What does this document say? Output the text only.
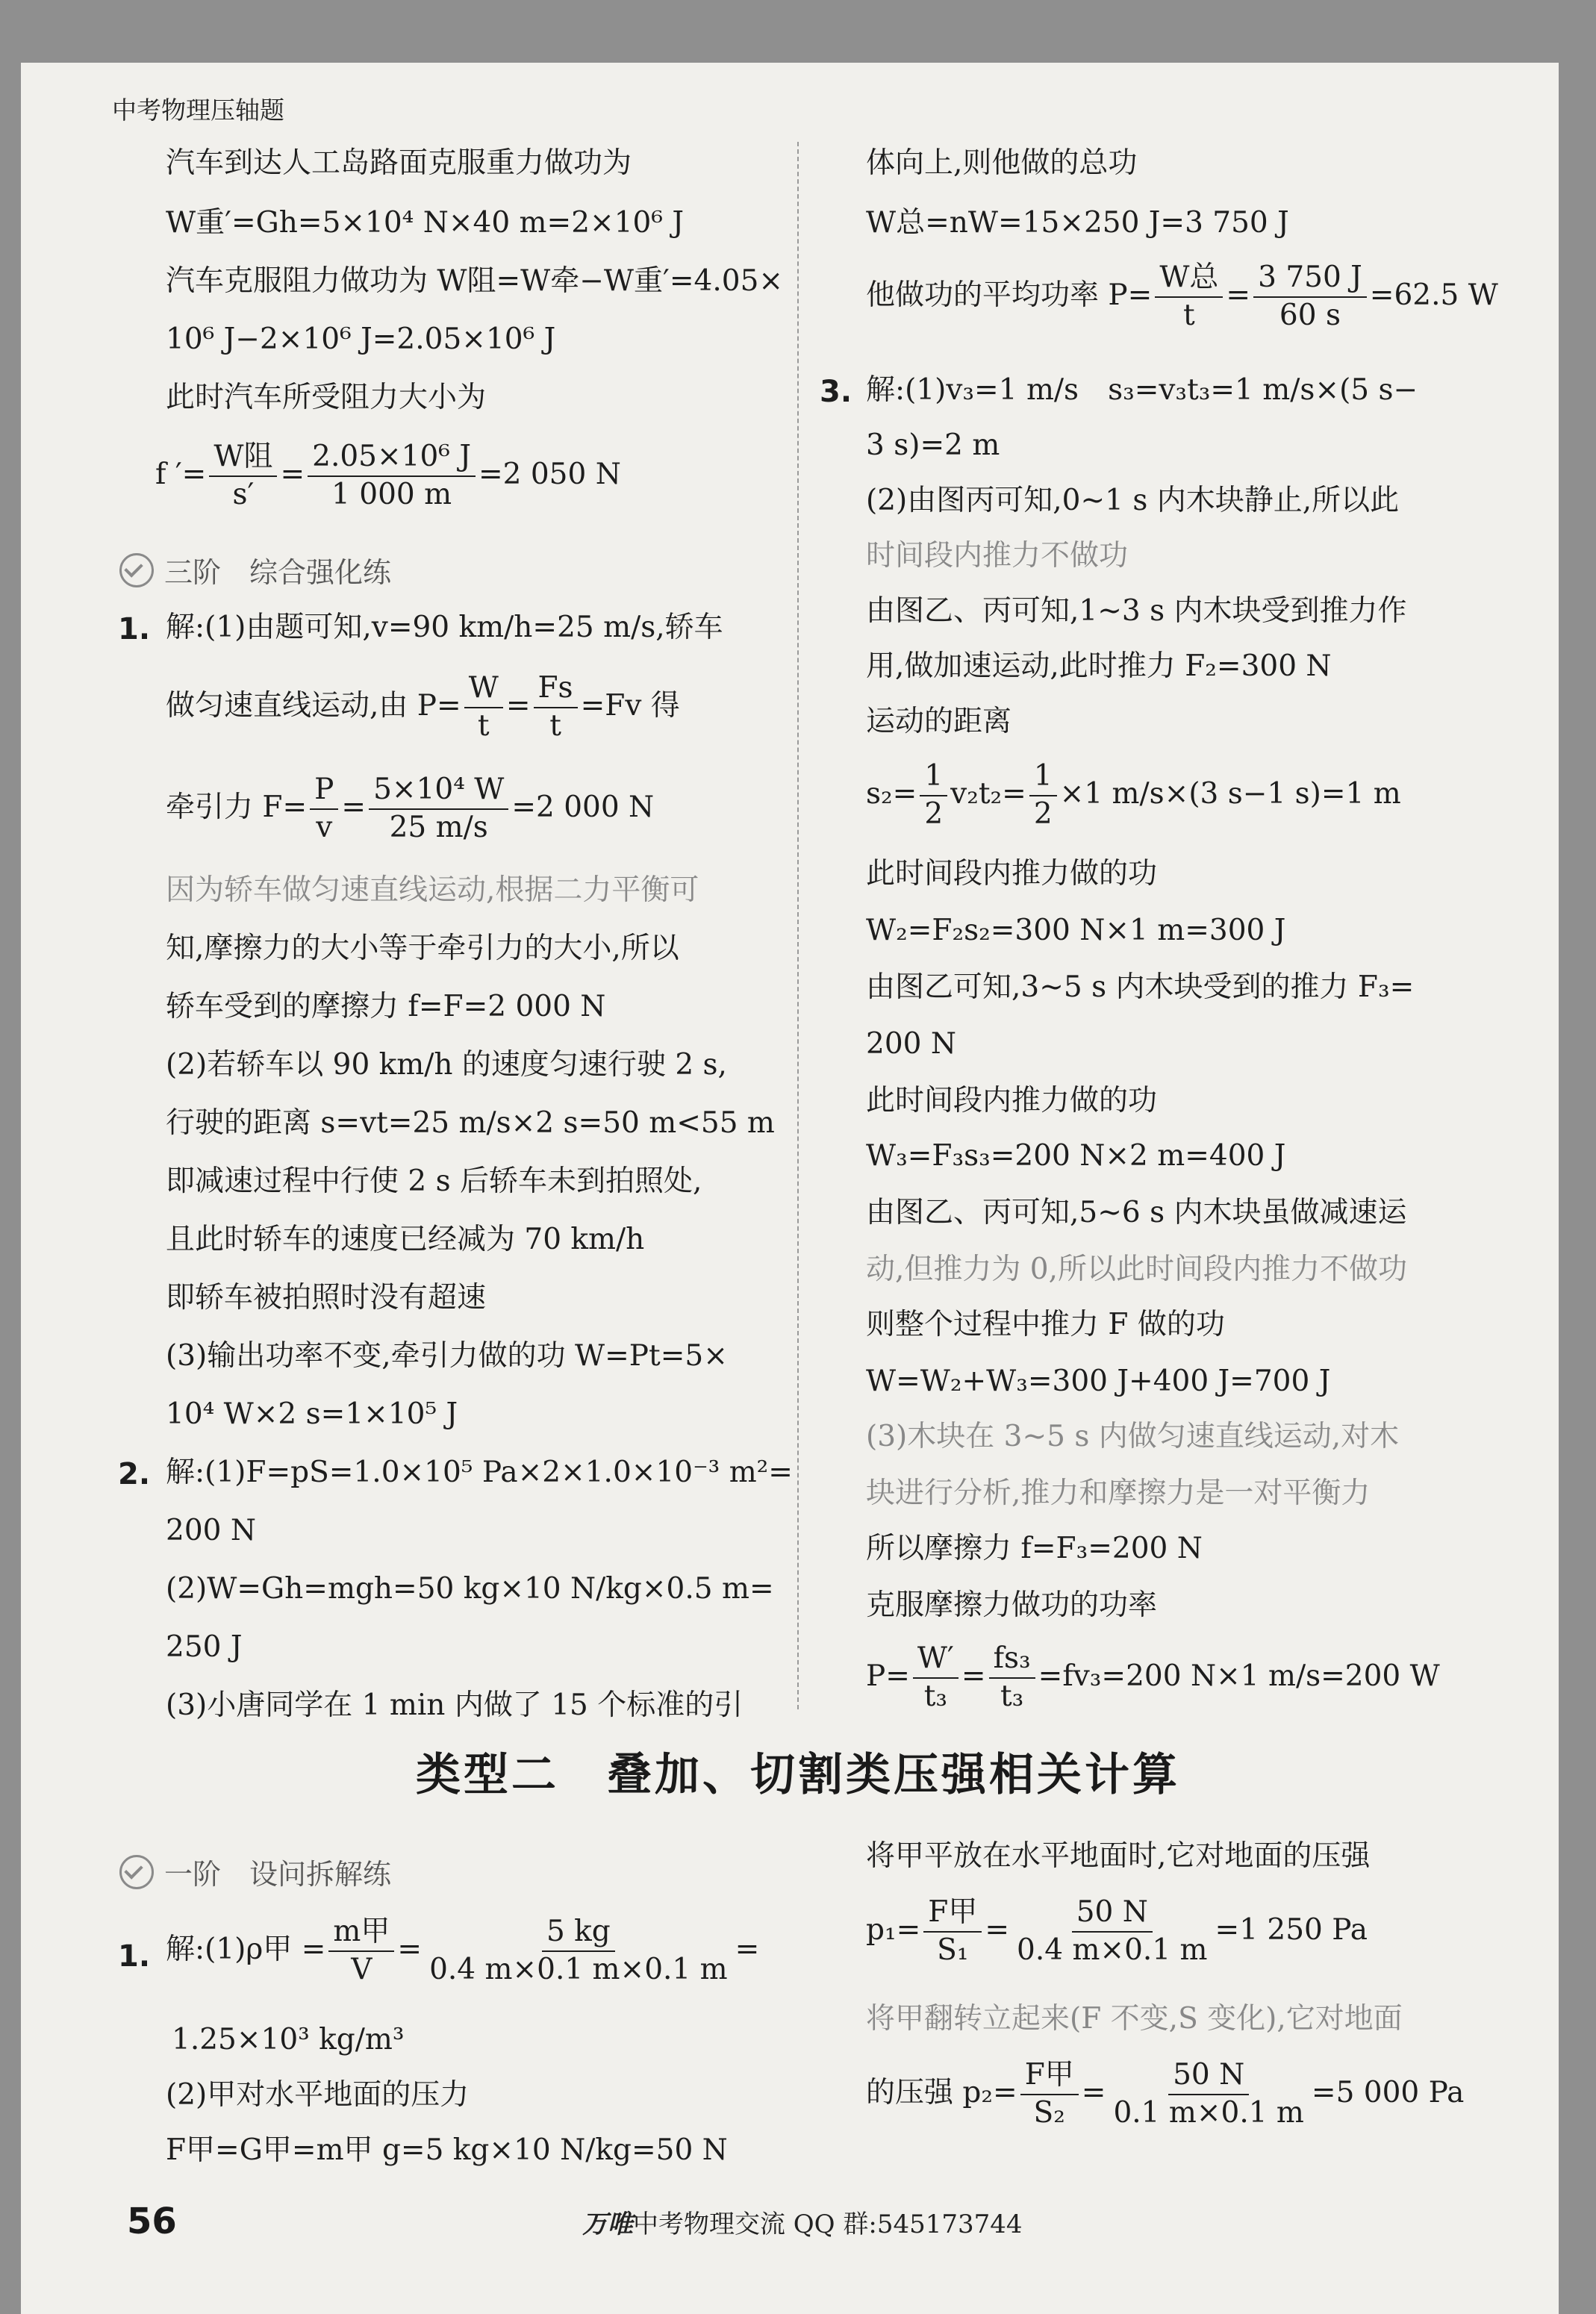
中考物理压轴题
汽车到达人工岛路面克服重力做功为
W重′=Gh=5×10⁴ N×40 m=2×10⁶ J
汽车克服阻力做功为 W阻=W牵−W重′=4.05×
10⁶ J−2×10⁶ J=2.05×10⁶ J
此时汽车所受阻力大小为
f ′= $\frac{\text{W阻}}{s'} = \frac{\text{2.05×10⁶ J}}{1 000 m} =2$ 050 N
三阶　综合强化练
1. 解:(1)由题可知,v=90 km/h=25 m/s,轿车
做匀速直线运动,由 $P= \frac{W}{t} = \frac{Fs}{t} =Fv$ 得
牵引力 $F= \frac{P}{v} = \frac{\text{5×10⁴ W}}{25 m/s} =2$ 000 N
因为轿车做匀速直线运动,根据二力平衡可
知,摩擦力的大小等于牵引力的大小,所以
轿车受到的摩擦力 f=F=2 000 N
(2)若轿车以 90 km/h 的速度匀速行驶 2 s,
行驶的距离 s=vt=25 m/s×2 s=50 m<55 m
即减速过程中行使 2 s 后轿车未到拍照处,
且此时轿车的速度已经减为 70 km/h
即轿车被拍照时没有超速
(3)输出功率不变,牵引力做的功 W=Pt=5×
10⁴ W×2 s=1×10⁵ J
2. 解:(1)F=pS=1.0×10⁵ Pa×2×1.0×10⁻³ m²=
200 N
(2)W=Gh=mgh=50 kg×10 N/kg×0.5 m=
250 J
(3)小唐同学在 1 min 内做了 15 个标准的引
体向上,则他做的总功
W总=nW=15×250 J=3 750 J
他做功的平均功率 $P= \frac{\text{W总}}{t} = \frac{3 750 J}{60 s} =62.5$ W
3. 解:(1)v₃=1 m/s　s₃=v₃t₃=1 m/s×(5 s−
3 s)=2 m
(2)由图丙可知,0~1 s 内木块静止,所以此
时间段内推力不做功
由图乙、丙可知,1~3 s 内木块受到推力作
用,做加速运动,此时推力 F₂=300 N
运动的距离
$s_2= \frac{1}{2} v_2t_2= \frac{1}{2} \times 1$ m/s×(3 s−1 s)=1 m
此时间段内推力做的功
W₂=F₂s₂=300 N×1 m=300 J
由图乙可知,3~5 s 内木块受到的推力 F₃=
200 N
此时间段内推力做的功
W₃=F₃s₃=200 N×2 m=400 J
由图乙、丙可知,5~6 s 内木块虽做减速运
动,但推力为 0,所以此时间段内推力不做功
则整个过程中推力 F 做的功
W=W₂+W₃=300 J+400 J=700 J
(3)木块在 3~5 s 内做匀速直线运动,对木
块进行分析,推力和摩擦力是一对平衡力
所以摩擦力 f=F₃=200 N
克服摩擦力做功的功率
$P= \frac{W'}{\text{t₃}} = \frac{\text{fs₃}}{\text{t₃}} =fv_3=200$ N×1 m/s=200 W
类型二　叠加、切割类压强相关计算
一阶　设问拆解练
1. 解:(1)ρ甲 = $\frac{\text{m甲}}{V} = \frac{5 kg}{0.4 m\times 0.1 m\times 0.1 m}$ =
1.25×10³ kg/m³
(2)甲对水平地面的压力
F甲=G甲=m甲 g=5 kg×10 N/kg=50 N
将甲平放在水平地面时,它对地面的压强
$p_1= \frac{\text{F甲}}{\text{S₁}} = \frac{50 N}{0.4 m\times 0.1 m} =1$ 250 Pa
将甲翻转立起来(F 不变,S 变化),它对地面
的压强 $p_2= \frac{\text{F甲}}{\text{S₂}} = \frac{50 N}{0.1 m\times 0.1 m} =5$ 000 Pa
56	万唯中考物理交流 QQ 群:545173744
